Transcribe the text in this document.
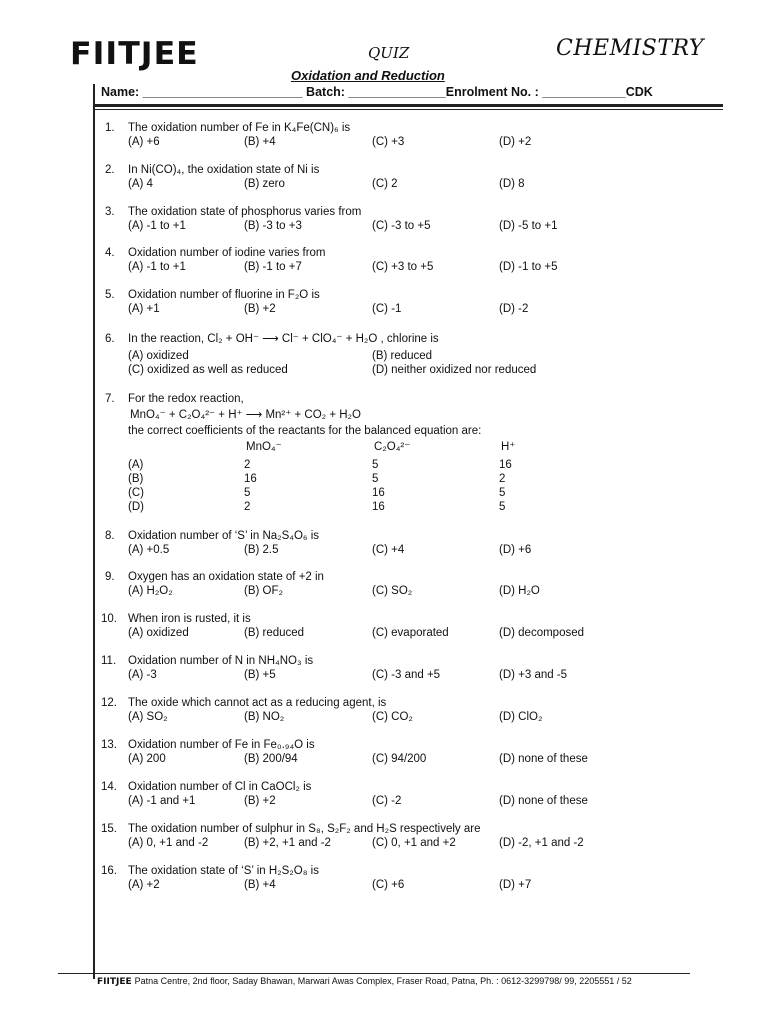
FIITJEE	QUIZ	CHEMISTRY
Oxidation and Reduction
Name: _______________________ Batch: ______________Enrolment No. : ____________CDK
1. The oxidation number of Fe in K₄Fe(CN)₆ is
(A) +6	(B) +4	(C) +3	(D) +2
2. In Ni(CO)₄, the oxidation state of Ni is
(A) 4	(B) zero	(C) 2	(D) 8
3. The oxidation state of phosphorus varies from
(A) -1 to +1	(B) -3 to +3	(C) -3 to +5	(D) -5 to +1
4. Oxidation number of iodine varies from
(A) -1 to +1	(B) -1 to +7	(C) +3 to +5	(D) -1 to +5
5. Oxidation number of fluorine in F₂O is
(A) +1	(B) +2	(C) -1	(D) -2
6. In the reaction, Cl₂ + OH⁻ ⟶ Cl⁻ + ClO₄⁻ + H₂O , chlorine is
(A) oxidized	(B) reduced
(C) oxidized as well as reduced	(D) neither oxidized nor reduced
7. For the redox reaction,
MnO₄⁻ + C₂O₄²⁻ + H⁺ ⟶ Mn²⁺ + CO₂ + H₂O
the correct coefficients of the reactants for the balanced equation are:
MnO₄⁻	C₂O₄²⁻	H⁺
(A)	2	5	16
(B)	16	5	2
(C)	5	16	5
(D)	2	16	5
8. Oxidation number of ‘S’ in Na₂S₄O₆ is
(A) +0.5	(B) 2.5	(C) +4	(D) +6
9. Oxygen has an oxidation state of +2 in
(A) H₂O₂	(B) OF₂	(C) SO₂	(D) H₂O
10. When iron is rusted, it is
(A) oxidized	(B) reduced	(C) evaporated	(D) decomposed
11. Oxidation number of N in NH₄NO₃ is
(A) -3	(B) +5	(C) -3 and +5	(D) +3 and -5
12. The oxide which cannot act as a reducing agent, is
(A) SO₂	(B) NO₂	(C) CO₂	(D) ClO₂
13. Oxidation number of Fe in Fe₀.₉₄O is
(A) 200	(B) 200/94	(C) 94/200	(D) none of these
14. Oxidation number of Cl in CaOCl₂ is
(A) -1 and +1	(B) +2	(C) -2	(D) none of these
15. The oxidation number of sulphur in S₈, S₂F₂ and H₂S respectively are
(A) 0, +1 and -2	(B) +2, +1 and -2	(C) 0, +1 and +2	(D) -2, +1 and -2
16. The oxidation state of ‘S’ in H₂S₂O₈ is
(A) +2	(B) +4	(C) +6	(D) +7
FIITJEE Patna Centre, 2nd floor, Saday Bhawan, Marwari Awas Complex, Fraser Road, Patna, Ph. : 0612-3299798/ 99, 2205551 / 52
